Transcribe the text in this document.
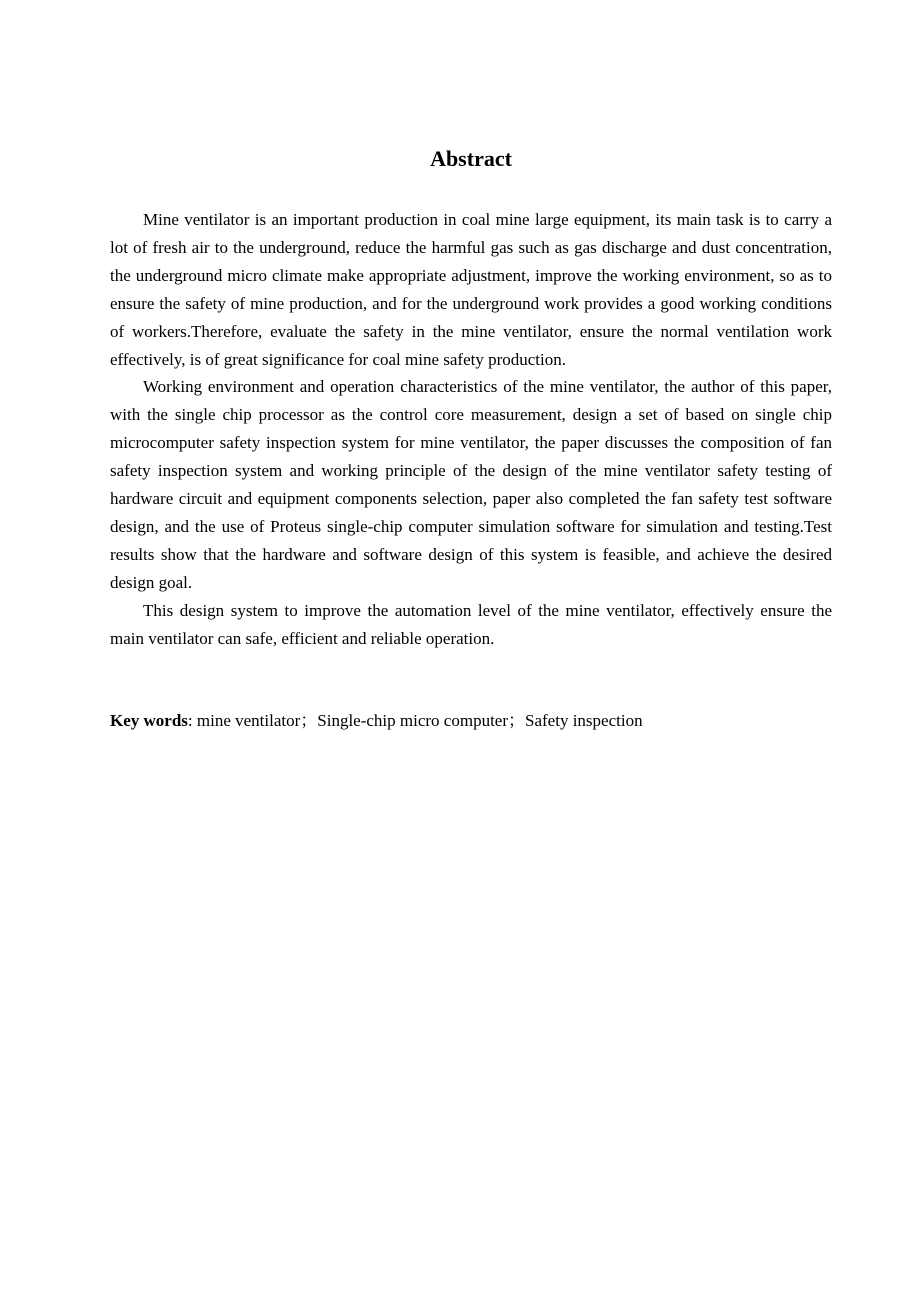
Abstract

Mine ventilator is an important production in coal mine large equipment, its main task is to carry a lot of fresh air to the underground, reduce the harmful gas such as gas discharge and dust concentration, the underground micro climate make appropriate adjustment, improve the working environment, so as to ensure the safety of mine production, and for the underground work provides a good working conditions of workers.Therefore, evaluate the safety in the mine ventilator, ensure the normal ventilation work effectively, is of great significance for coal mine safety production.

Working environment and operation characteristics of the mine ventilator, the author of this paper, with the single chip processor as the control core measurement, design a set of based on single chip microcomputer safety inspection system for mine ventilator, the paper discusses the composition of fan safety inspection system and working principle of the design of the mine ventilator safety testing of hardware circuit and equipment components selection, paper also completed the fan safety test software design, and the use of Proteus single-chip computer simulation software for simulation and testing.Test results show that the hardware and software design of this system is feasible, and achieve the desired design goal.

This design system to improve the automation level of the mine ventilator, effectively ensure the main ventilator can safe, efficient and reliable operation.

Key words: mine ventilator；Single-chip micro computer；Safety inspection
